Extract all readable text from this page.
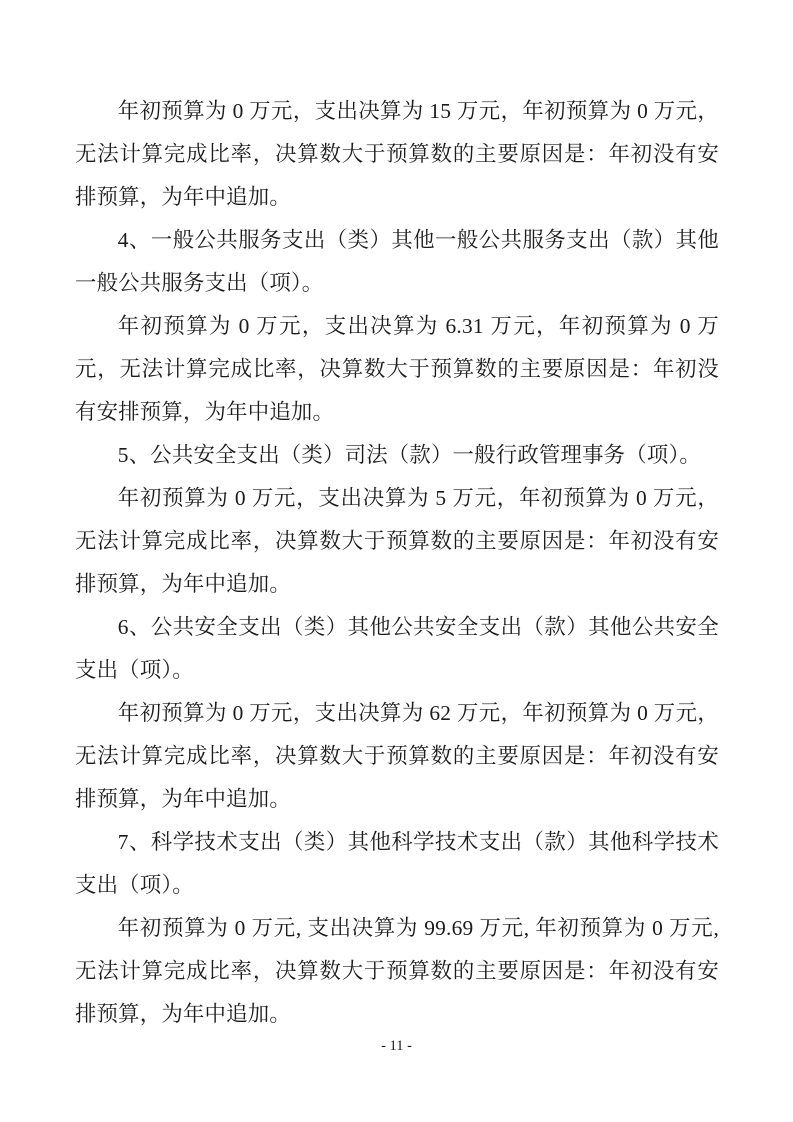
年初预算为 0 万元，支出决算为 15 万元，年初预算为 0 万元，无法计算完成比率，决算数大于预算数的主要原因是：年初没有安排预算，为年中追加。

4、一般公共服务支出（类）其他一般公共服务支出（款）其他一般公共服务支出（项）。

年初预算为 0 万元，支出决算为 6.31 万元，年初预算为 0 万元，无法计算完成比率，决算数大于预算数的主要原因是：年初没有安排预算，为年中追加。

5、公共安全支出（类）司法（款）一般行政管理事务（项）。

年初预算为 0 万元，支出决算为 5 万元，年初预算为 0 万元，无法计算完成比率，决算数大于预算数的主要原因是：年初没有安排预算，为年中追加。

6、公共安全支出（类）其他公共安全支出（款）其他公共安全支出（项）。

年初预算为 0 万元，支出决算为 62 万元，年初预算为 0 万元，无法计算完成比率，决算数大于预算数的主要原因是：年初没有安排预算，为年中追加。

7、科学技术支出（类）其他科学技术支出（款）其他科学技术支出（项）。

年初预算为 0 万元, 支出决算为 99.69 万元, 年初预算为 0 万元, 无法计算完成比率，决算数大于预算数的主要原因是：年初没有安排预算，为年中追加。

- 11 -
